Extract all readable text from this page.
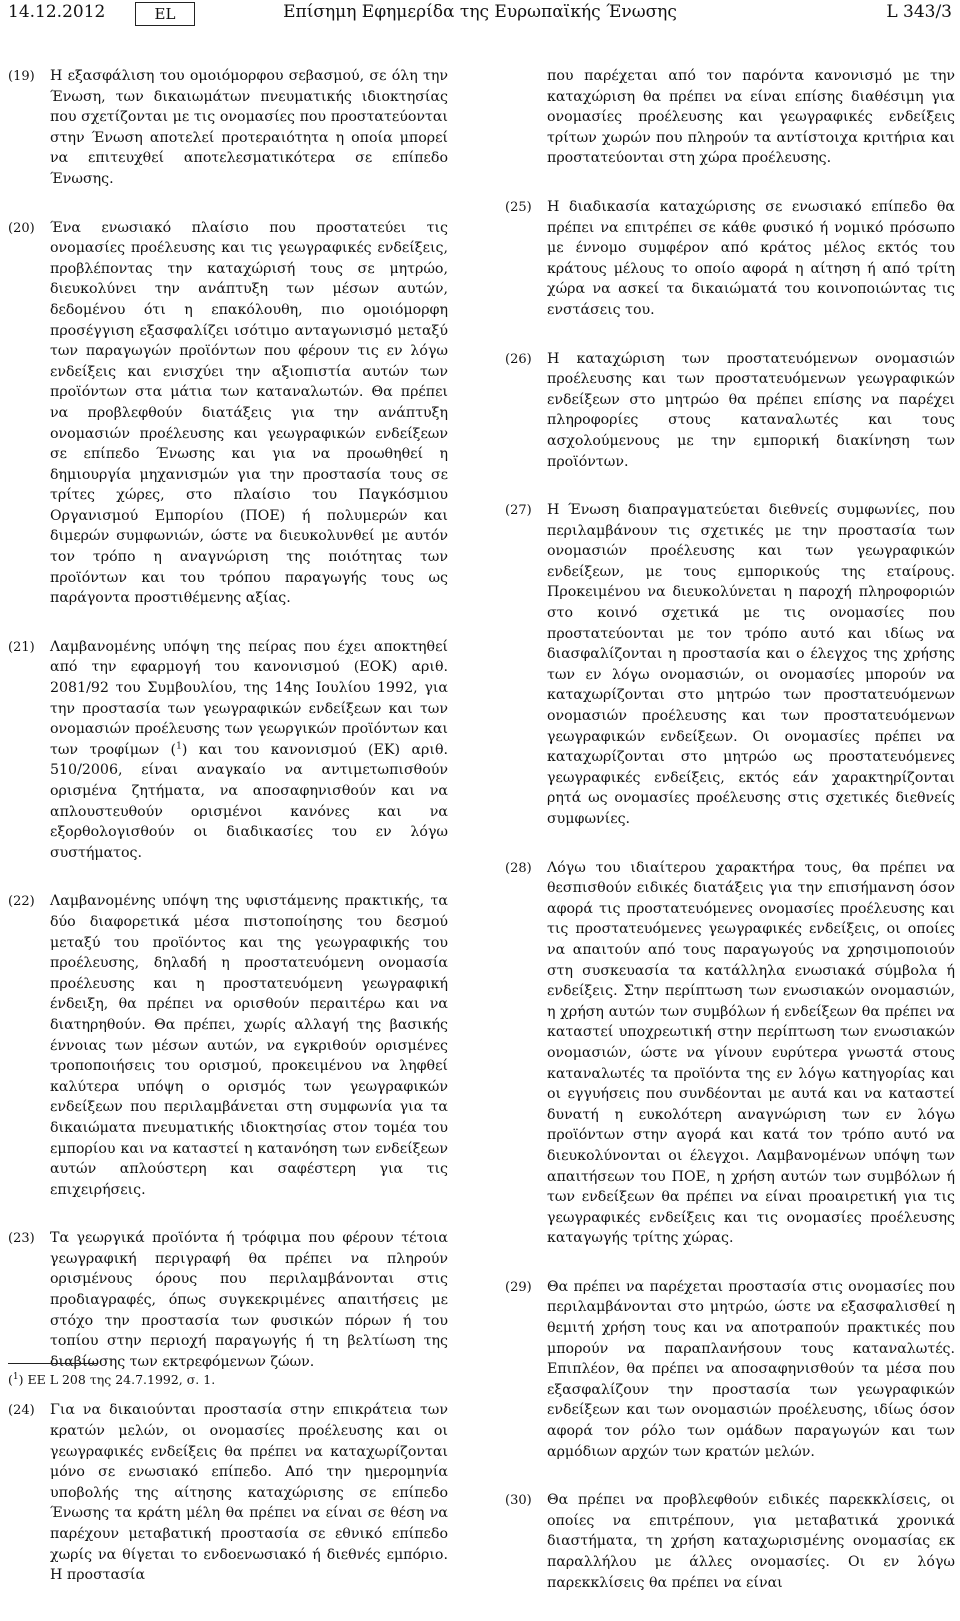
14.12.2012	EL	Επίσημη Εφημερίδα της Ευρωπαϊκής Ένωσης	L 343/3
(19)	Η εξασφάλιση του ομοιόμορφου σεβασμού, σε όλη την Ένωση, των δικαιωμάτων πνευματικής ιδιοκτησίας που σχετίζονται με τις ονομασίες που προστατεύονται στην Ένωση αποτελεί προτεραιότητα η οποία μπορεί να επιτευχθεί αποτελεσματικότερα σε επίπεδο Ένωσης.
(20)	Ένα ενωσιακό πλαίσιο που προστατεύει τις ονομασίες προέλευσης και τις γεωγραφικές ενδείξεις, προβλέποντας την καταχώρισή τους σε μητρώο, διευκολύνει την ανάπτυξη των μέσων αυτών, δεδομένου ότι η επακόλουθη, πιο ομοιόμορφη προσέγγιση εξασφαλίζει ισότιμο ανταγωνισμό μεταξύ των παραγωγών προϊόντων που φέρουν τις εν λόγω ενδείξεις και ενισχύει την αξιοπιστία αυτών των προϊόντων στα μάτια των καταναλωτών. Θα πρέπει να προβλεφθούν διατάξεις για την ανάπτυξη ονομασιών προέλευσης και γεωγραφικών ενδείξεων σε επίπεδο Ένωσης και για να προωθηθεί η δημιουργία μηχανισμών για την προστασία τους σε τρίτες χώρες, στο πλαίσιο του Παγκόσμιου Οργανισμού Εμπορίου (ΠΟΕ) ή πολυμερών και διμερών συμφωνιών, ώστε να διευκολυνθεί με αυτόν τον τρόπο η αναγνώριση της ποιότητας των προϊόντων και του τρόπου παραγωγής τους ως παράγοντα προστιθέμενης αξίας.
(21)	Λαμβανομένης υπόψη της πείρας που έχει αποκτηθεί από την εφαρμογή του κανονισμού (ΕΟΚ) αριθ. 2081/92 του Συμβουλίου, της 14ης Ιουλίου 1992, για την προστασία των γεωγραφικών ενδείξεων και των ονομασιών προέλευσης των γεωργικών προϊόντων και των τροφίμων ($^1$) και του κανονισμού (ΕΚ) αριθ. 510/2006, είναι αναγκαίο να αντιμετωπισθούν ορισμένα ζητήματα, να αποσαφηνισθούν και να απλουστευθούν ορισμένοι κανόνες και να εξορθολογισθούν οι διαδικασίες του εν λόγω συστήματος.
(22)	Λαμβανομένης υπόψη της υφιστάμενης πρακτικής, τα δύο διαφορετικά μέσα πιστοποίησης του δεσμού μεταξύ του προϊόντος και της γεωγραφικής του προέλευσης, δηλαδή η προστατευόμενη ονομασία προέλευσης και η προστατευόμενη γεωγραφική ένδειξη, θα πρέπει να ορισθούν περαιτέρω και να διατηρηθούν. Θα πρέπει, χωρίς αλλαγή της βασικής έννοιας των μέσων αυτών, να εγκριθούν ορισμένες τροποποιήσεις του ορισμού, προκειμένου να ληφθεί καλύτερα υπόψη ο ορισμός των γεωγραφικών ενδείξεων που περιλαμβάνεται στη συμφωνία για τα δικαιώματα πνευματικής ιδιοκτησίας στον τομέα του εμπορίου και να καταστεί η κατανόηση των ενδείξεων αυτών απλούστερη και σαφέστερη για τις επιχειρήσεις.
(23)	Τα γεωργικά προϊόντα ή τρόφιμα που φέρουν τέτοια γεωγραφική περιγραφή θα πρέπει να πληρούν ορισμένους όρους που περιλαμβάνονται στις προδιαγραφές, όπως συγκεκριμένες απαιτήσεις με στόχο την προστασία των φυσικών πόρων ή του τοπίου στην περιοχή παραγωγής ή τη βελτίωση της διαβίωσης των εκτρεφόμενων ζώων.
(24)	Για να δικαιούνται προστασία στην επικράτεια των κρατών μελών, οι ονομασίες προέλευσης και οι γεωγραφικές ενδείξεις θα πρέπει να καταχωρίζονται μόνο σε ενωσιακό επίπεδο. Από την ημερομηνία υποβολής της αίτησης καταχώρισης σε επίπεδο Ένωσης τα κράτη μέλη θα πρέπει να είναι σε θέση να παρέχουν μεταβατική προστασία σε εθνικό επίπεδο χωρίς να θίγεται το ενδοενωσιακό ή διεθνές εμπόριο. Η προστασία
που παρέχεται από τον παρόντα κανονισμό με την καταχώριση θα πρέπει να είναι επίσης διαθέσιμη για ονομασίες προέλευσης και γεωγραφικές ενδείξεις τρίτων χωρών που πληρούν τα αντίστοιχα κριτήρια και προστατεύονται στη χώρα προέλευσης.
(25)	Η διαδικασία καταχώρισης σε ενωσιακό επίπεδο θα πρέπει να επιτρέπει σε κάθε φυσικό ή νομικό πρόσωπο με έννομο συμφέρον από κράτος μέλος εκτός του κράτους μέλους το οποίο αφορά η αίτηση ή από τρίτη χώρα να ασκεί τα δικαιώματά του κοινοποιώντας τις ενστάσεις του.
(26)	Η καταχώριση των προστατευόμενων ονομασιών προέλευσης και των προστατευόμενων γεωγραφικών ενδείξεων στο μητρώο θα πρέπει επίσης να παρέχει πληροφορίες στους καταναλωτές και τους ασχολούμενους με την εμπορική διακίνηση των προϊόντων.
(27)	Η Ένωση διαπραγματεύεται διεθνείς συμφωνίες, που περιλαμβάνουν τις σχετικές με την προστασία των ονομασιών προέλευσης και των γεωγραφικών ενδείξεων, με τους εμπορικούς της εταίρους. Προκειμένου να διευκολύνεται η παροχή πληροφοριών στο κοινό σχετικά με τις ονομασίες που προστατεύονται με τον τρόπο αυτό και ιδίως να διασφαλίζονται η προστασία και ο έλεγχος της χρήσης των εν λόγω ονομασιών, οι ονομασίες μπορούν να καταχωρίζονται στο μητρώο των προστατευόμενων ονομασιών προέλευσης και των προστατευόμενων γεωγραφικών ενδείξεων. Οι ονομασίες πρέπει να καταχωρίζονται στο μητρώο ως προστατευόμενες γεωγραφικές ενδείξεις, εκτός εάν χαρακτηρίζονται ρητά ως ονομασίες προέλευσης στις σχετικές διεθνείς συμφωνίες.
(28)	Λόγω του ιδιαίτερου χαρακτήρα τους, θα πρέπει να θεσπισθούν ειδικές διατάξεις για την επισήμανση όσον αφορά τις προστατευόμενες ονομασίες προέλευσης και τις προστατευόμενες γεωγραφικές ενδείξεις, οι οποίες να απαιτούν από τους παραγωγούς να χρησιμοποιούν στη συσκευασία τα κατάλληλα ενωσιακά σύμβολα ή ενδείξεις. Στην περίπτωση των ενωσιακών ονομασιών, η χρήση αυτών των συμβόλων ή ενδείξεων θα πρέπει να καταστεί υποχρεωτική στην περίπτωση των ενωσιακών ονομασιών, ώστε να γίνουν ευρύτερα γνωστά στους καταναλωτές τα προϊόντα της εν λόγω κατηγορίας και οι εγγυήσεις που συνδέονται με αυτά και να καταστεί δυνατή η ευκολότερη αναγνώριση των εν λόγω προϊόντων στην αγορά και κατά τον τρόπο αυτό να διευκολύνονται οι έλεγχοι. Λαμβανομένων υπόψη των απαιτήσεων του ΠΟΕ, η χρήση αυτών των συμβόλων ή των ενδείξεων θα πρέπει να είναι προαιρετική για τις γεωγραφικές ενδείξεις και τις ονομασίες προέλευσης καταγωγής τρίτης χώρας.
(29)	Θα πρέπει να παρέχεται προστασία στις ονομασίες που περιλαμβάνονται στο μητρώο, ώστε να εξασφαλισθεί η θεμιτή χρήση τους και να αποτραπούν πρακτικές που μπορούν να παραπλανήσουν τους καταναλωτές. Επιπλέον, θα πρέπει να αποσαφηνισθούν τα μέσα που εξασφαλίζουν την προστασία των γεωγραφικών ενδείξεων και των ονομασιών προέλευσης, ιδίως όσον αφορά τον ρόλο των ομάδων παραγωγών και των αρμόδιων αρχών των κρατών μελών.
(30)	Θα πρέπει να προβλεφθούν ειδικές παρεκκλίσεις, οι οποίες να επιτρέπουν, για μεταβατικά χρονικά διαστήματα, τη χρήση καταχωρισμένης ονομασίας εκ παραλλήλου με άλλες ονομασίες. Οι εν λόγω παρεκκλίσεις θα πρέπει να είναι
($^1$) ΕΕ L 208 της 24.7.1992, σ. 1.
